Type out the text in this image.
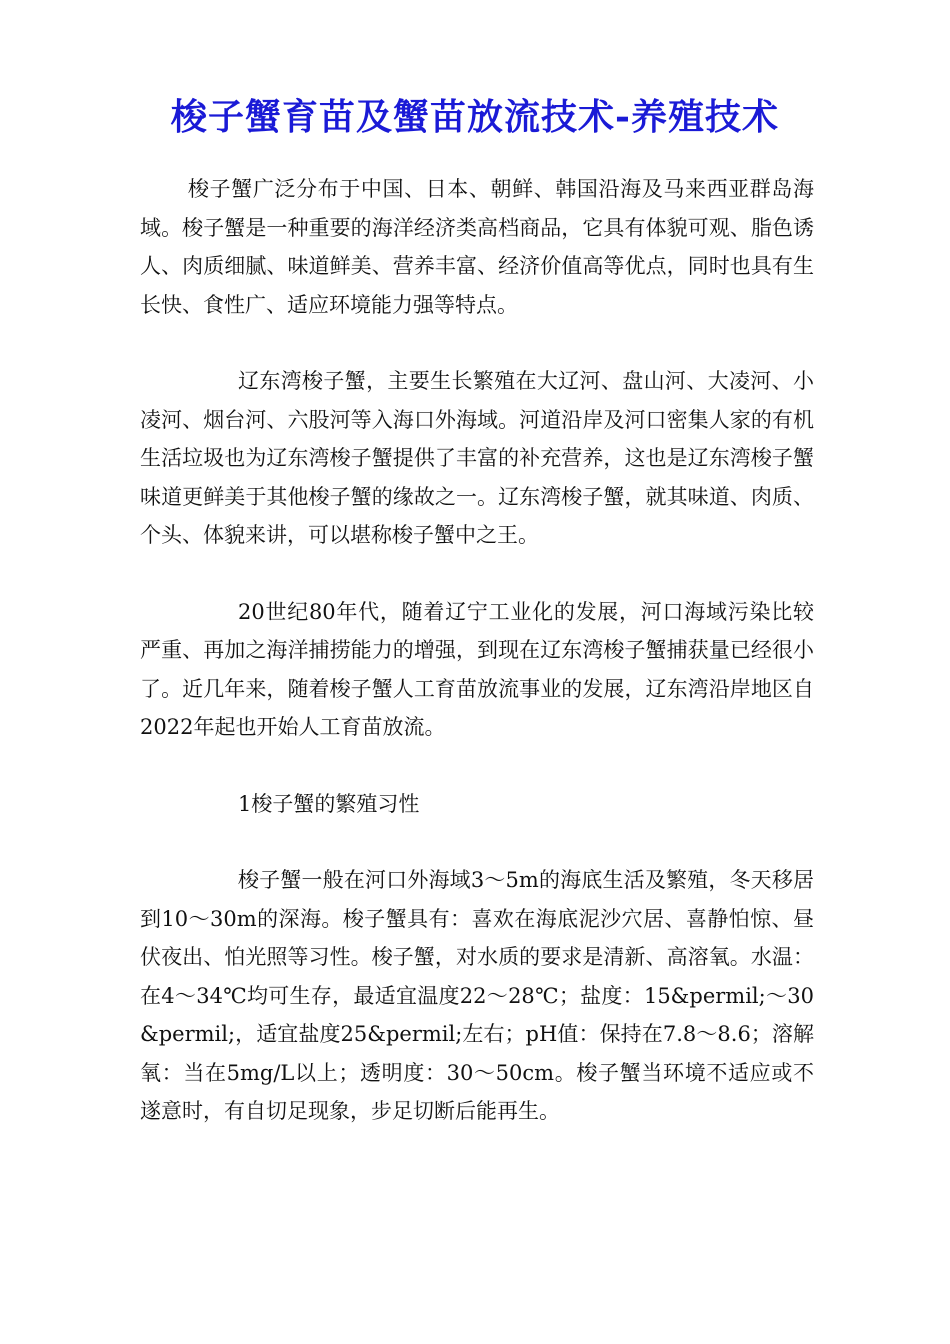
梭子蟹育苗及蟹苗放流技术-养殖技术

梭子蟹广泛分布于中国、日本、朝鲜、韩国沿海及马来西亚群岛海域。梭子蟹是一种重要的海洋经济类高档商品，它具有体貌可观、脂色诱人、肉质细腻、味道鲜美、营养丰富、经济价值高等优点，同时也具有生长快、食性广、适应环境能力强等特点。

辽东湾梭子蟹，主要生长繁殖在大辽河、盘山河、大凌河、小凌河、烟台河、六股河等入海口外海域。河道沿岸及河口密集人家的有机生活垃圾也为辽东湾梭子蟹提供了丰富的补充营养，这也是辽东湾梭子蟹味道更鲜美于其他梭子蟹的缘故之一。辽东湾梭子蟹，就其味道、肉质、个头、体貌来讲，可以堪称梭子蟹中之王。

20世纪80年代，随着辽宁工业化的发展，河口海域污染比较严重、再加之海洋捕捞能力的增强，到现在辽东湾梭子蟹捕获量已经很小了。近几年来，随着梭子蟹人工育苗放流事业的发展，辽东湾沿岸地区自2022年起也开始人工育苗放流。

1梭子蟹的繁殖习性

梭子蟹一般在河口外海域3～5m的海底生活及繁殖，冬天移居到10～30m的深海。梭子蟹具有：喜欢在海底泥沙穴居、喜静怕惊、昼伏夜出、怕光照等习性。梭子蟹，对水质的要求是清新、高溶氧。水温：在4～34℃均可生存，最适宜温度22～28℃；盐度：15&permil;～30&permil;，适宜盐度25&permil;左右；pH值：保持在7.8～8.6；溶解氧：当在5mg/L以上；透明度：30～50cm。梭子蟹当环境不适应或不遂意时，有自切足现象，步足切断后能再生。
